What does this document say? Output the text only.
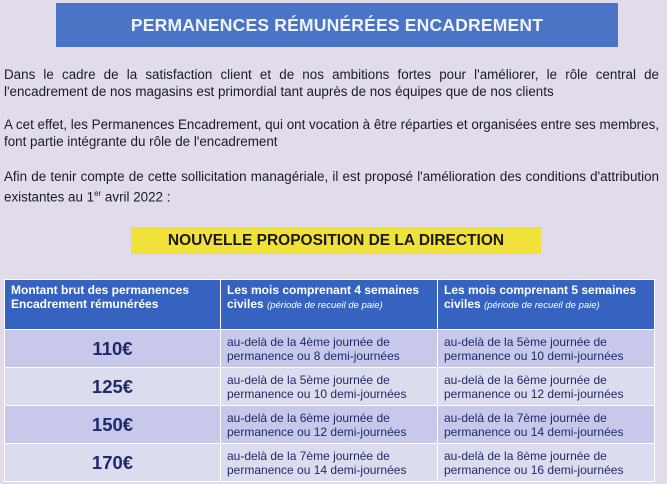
PERMANENCES RÉMUNÉRÉES ENCADREMENT

Dans le cadre de la satisfaction client et de nos ambitions fortes pour l'améliorer, le rôle central de l'encadrement de nos magasins est primordial tant auprès de nos équipes que de nos clients

A cet effet, les Permanences Encadrement, qui ont vocation à être réparties et organisées entre ses membres, font partie intégrante du rôle de l'encadrement

Afin de tenir compte de cette sollicitation managériale, il est proposé l'amélioration des conditions d'attribution existantes au 1er avril 2022 :

NOUVELLE PROPOSITION DE LA DIRECTION
Montant brut des permanences Encadrement rémunérées	Les mois comprenant 4 semaines civiles (période de recueil de paie)	Les mois comprenant 5 semaines civiles (période de recueil de paie)
110€	au-delà de la 4ème journée de permanence ou 8 demi-journées	au-delà de la 5ème journée de permanence ou 10 demi-journées
125€	au-delà de la 5ème journée de permanence ou 10 demi-journées	au-delà de la 6ème journée de permanence ou 12 demi-journées
150€	au-delà de la 6ème journée de permanence ou 12 demi-journées	au-delà de la 7ème journée de permanence ou 14 demi-journées
170€	au-delà de la 7ème journée de permanence ou 14 demi-journées	au-delà de la 8ème journée de permanence ou 16 demi-journées
